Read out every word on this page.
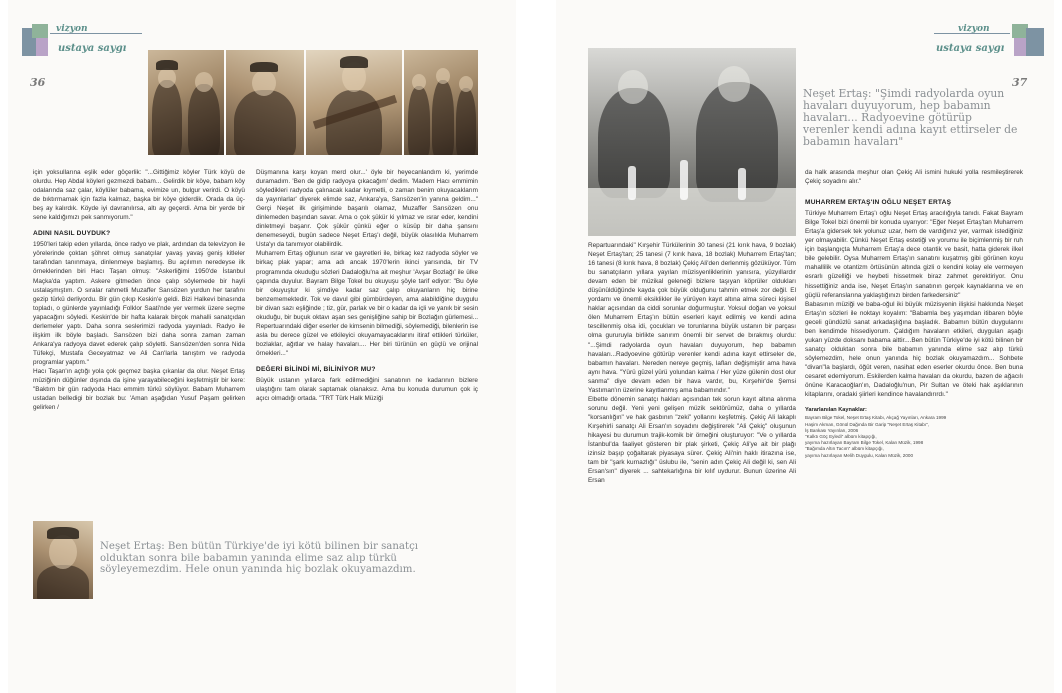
vizyon
ustaya saygı
36

için yoksullarına eşlik eder göçerlik: "...Gittiğimiz köyler Türk köyü de olurdu. Hep Abdal köyleri gezmezdi babam... Gelirdik bir köye, babam köy odalarında saz çalar, köylüler babama, evimize un, bulgur verirdi. O köyü de bıktırmamak için fazla kalmaz, başka bir köye giderdik. Orada da üç-beş ay kalırdık. Köyde iyi davranılırsa, altı ay geçerdi. Ama bir yerde bir sene kaldığımızı pek sanmıyorum."

ADINI NASIL DUYDUK?

1950'leri takip eden yıllarda, önce radyo ve plak, ardından da televizyon ile yörelerinde çoktan şöhret olmuş sanatçılar yavaş yavaş geniş kitleler tarafından tanınmaya, dinlenmeye başlamış. Bu açılımın neredeyse ilk örneklerinden biri Hacı Taşan olmuş: "Askerliğimi 1950'de İstanbul Maçka'da yaptım. Askere gitmeden önce çalıp söylemede bir hayli ustalaşmıştım. O sıralar rahmetli Muzaffer Sarısözen yurdun her tarafını gezip türkü derliyordu. Bir gün çıkıp Keskin'e geldi. Bizi Halkevi binasında topladı, o günlerde yayınladığı Folklor Saati'nde yer vermek üzere seçme yapacağını söyledi. Keskin'de bir hafta kalarak birçok mahalli sanatçıdan derlemeler yaptı. Daha sonra seslerimizi radyoda yayınladı. Radyo ile ilişkim ilk böyle başladı. Sarısözen bizi daha sonra zaman zaman Ankara'ya radyoya davet ederek çalıp söyletti. Sarısözen'den sonra Nida Tüfekçi, Mustafa Geceyatmaz ve Ali Can'larla tanıştım ve radyoda programlar yaptım."
Hacı Taşan'ın açtığı yola çok geçmez başka çıkanlar da olur. Neşet Ertaş müziğinin düğünler dışında da işine yarayabileceğini keşfetmiştir bir kere: "Baktım bir gün radyoda Hacı emmim türkü söylüyor. Babam Muharrem ustadan belledigi bir bozlak bu: 'Aman aşağıdan Yusuf Paşam gelirken gelirken /

Düşmanına karşı koyan merd olur...' öyle bir heyecanlandım ki, yerimde duramadım. 'Ben de gidip radyoya çıkacağım' dedim. 'Madem Hacı emmimin söyledikleri radyoda çalınacak kadar kıymetli, o zaman benim okuyacaklarım da yayınlarlar' diyerek elimde saz, Ankara'ya, Sarısözen'in yanına geldim..." Gerçi Neşet ilk girişiminde başarılı olamaz, Muzaffer Sarısözen onu dinlemeden başından savar. Ama o çok şükür ki yılmaz ve ısrar eder, kendini dinletmeyi başarır. Çok şükür çünkü eğer o küsüp bir daha şansını denemeseydi, bugün sadece Neşet Ertaş'ı değil, büyük olasılıkla Muharrem Usta'yı da tanımıyor olabilirdik.
Muharrem Ertaş oğlunun ısrar ve gayretleri ile, birkaç kez radyoda söyler ve birkaç plak yapar; ama adı ancak 1970'lerin ikinci yarısında, bir TV programında okuduğu sözleri Dadaloğlu'na ait meşhur 'Avşar Bozlağı' ile ülke çapında duyulur. Bayram Bilge Tokel bu okuyuşu şöyle tarif ediyor: "Bu öyle bir okuyuştur ki şimdiye kadar saz çalıp okuyanların hiç birine benzememektedir. Tok ve davul gibi gümbürdeyen, ama alabildiğine duygulu bir divan sazı eşliğinde ; tiz, gür, parlak ve bir o kadar da içli ve yanık bir sesin okuduğu, bir buçuk oktavı aşan ses genişliğine sahip bir Bozlağın gürlemesi... Repertuarındaki diğer eserler de kimsenin bilmediği, söylemediği, bilenlerin ise asla bu derece güzel ve etkileyici okuyamayacaklarını itiraf ettikleri türküler, bozlaklar, ağıtlar ve halay havaları.... Her biri türünün en güçlü ve orijinal örnekleri..."

DEĞERİ BİLİNDİ Mİ, BİLİNİYOR MU?

Büyük ustanın yıllarca fark edilmediğini sanatının ne kadarının bizlere ulaştığını tam olarak saptamak olanaksız. Ama bu konuda durumun çok iç açıcı olmadığı ortada. "TRT Türk Halk Müziği

Neşet Ertaş: Ben bütün Türkiye'de iyi kötü bilinen bir sanatçı olduktan sonra bile babamın yanında elime saz alıp türkü söyleyemezdim. Hele onun yanında hiç bozlak okuyamazdım.
vizyon
ustaya saygı
37
Neşet Ertaş: "Şimdi radyolarda oyun havaları duyuyorum, hep babamın havaları... Radyoevine götürüp verenler kendi adına kayıt ettirseler de babamın havaları"

Repartuarındaki" Kırşehir Türkülerinin 30 tanesi (21 kırık hava, 9 bozlak) Neşet Ertaş'tan; 25 tanesi (7 kırık hava, 18 bozlak) Muharrem Ertaş'tan; 16 tanesi (8 kırık hava, 8 bozlak) Çekiç Ali'den derlenmiş gözüküyor. Tüm bu sanatçıların yıllara yayılan müzisyenliklerinin yanısıra, yüzyıllardır devam eden bir müzikal geleneği bizlere taşıyan köprüler oldukları düşünüldüğünde kayda çok büyük olduğunu tahmin etmek zor değil. El yordamı ve önemli eksiklikler ile yürüyen kayıt altına alma süreci kişisel haklar açısından da ciddi sorunlar doğurmuştur. Yoksul doğan ve yoksul ölen Muharrem Ertaş'ın bütün eserleri kayıt edilmiş ve kendi adına tescillenmiş olsa idi, çocukları ve torunlarına büyük ustanın bir parçası olma gururuyla birlikte sanırım önemli bir servet de bırakmış olurdu: "...Şimdi radyolarda oyun havaları duyuyorum, hep babamın havaları...Radyoevine götürüp verenler kendi adına kayıt ettirseler de, babamın havaları. Nereden nereye geçmiş, lafları değişmiştir ama hava aynı hava. "Yürü güzel yürü yolundan kalma / Her yüze gülenin dost olur sanma" diye devam eden bir hava vardır, bu, Kırşehir'de Şemsi Yastıman'ın üzerine kayıtlanmış ama babamındır."
Elbette dönemin sanatçı hakları açısından tek sorun kayıt altına alınma sorunu değil. Yeni yeni gelişen müzik sektörümüz, daha o yıllarda "korsanlığın" ve hak gasbının "zeki" yollarını keşfetmiş. Çekiç Ali lakaplı Kırşehirli sanatçı Ali Ersan'ın soyadını değiştirerek "Ali Çekiç" oluşunun hikayesi bu durumun trajik-komik bir örneğini oluşturuyor: "Ve o yıllarda İstanbul'da faaliyet gösteren bir plak şirketi, Çekiç Ali'ye ait bir plağı izinsiz başıp çoğaltarak piyasaya sürer. Çekiç Ali'nin haklı itirazına ise, tam bir "şark kurnazlığı" üslubu ile, "senin adın Çekiç Ali değil ki, sen Ali Ersan'sın" diyerek ... sahtekarlığına bir kılıf uydurur. Bunun üzerine Ali Ersan

da halk arasında meşhur olan Çekiç Ali ismini hukuki yolla resmileştirerek Çekiç soyadını alır."

MUHARREM ERTAŞ'IN OĞLU NEŞET ERTAŞ

Türkiye Muharrem Ertaş'ı oğlu Neşet Ertaş aracılığıyla tanıdı. Fakat Bayram Bilge Tokel bizi önemli bir konuda uyarıyor: "Eğer Neşet Ertaş'tan Muharrem Ertaş'a gidersek tek yolunuz uzar, hem de vardığınız yer, varmak istediğiniz yer olmayabilir. Çünkü Neşet Ertaş estetiği ve yorumu ile biçimlenmiş bir ruh için başlangıçta Muharrem Ertaş'a dece otantik ve basit, hatta giderek ilkel bile gelebilir. Oysa Muharrem Ertaş'ın sanatını kuşatmış gibi görünen koyu mahallilik ve otantizm örtüsünün altında gizli o kendini kolay ele vermeyen esrarlı güzelliği ve heybeti hissetmek biraz zahmet gerektiriyor. Onu hissettiğiniz anda ise, Neşet Ertaş'ın sanatının gerçek kaynaklarına ve en güçlü referanslarına yaklaştığınızı birden farkedersiniz"
Babasının müziği ve baba-oğul iki büyük müzisyenin ilişkisi hakkında Neşet Ertaş'ın sözleri ile noktayı koyalım: "Babamla beş yaşımdan itibaren böyle geceli gündüzlü sanat arkadaşlığına başladık. Babamın bütün duygularını ben kendimde hissediyorum. Çaldığım havaların etkileri, duyguları aşağı yukarı yüzde doksanı babama aittir....Ben bütün Türkiye'de iyi kötü bilinen bir sanatçı olduktan sonra bile babamın yanında elime saz alıp türkü söylemezdim, hele onun yanında hiç bozlak okuyamazdım... Sohbete "divan"la başlardı, öğüt veren, nasihat eden eserler okurdu önce. Ben buna cesaret edemiyorum. Eskilerden kalma havaları da okurdu, bazen de ağacılı önüne Karacaoğlan'ın, Dadaloğlu'nun, Pir Sultan ve öteki hak aşıklarının kitaplarını, oradaki şiirleri kendince havalandırırdı."

Yararlanılan Kaynaklar:
Bayram Bilge Tokel, Neşet Ertaş Kitabı, Akçağ Yayınları, Ankara 1999
Haşim Akman, Gönül Dağında Bir Garip "Neşet Ertaş Kitabı",
İş Bankası Yayınları, 2006
"Kalktı Göç Eyledi" albüm kitapçığı,
yayıma hazırlayan Bayram Bilge Tokel, Kalan Müzik, 1998
"Bağımda Altın Tacım" albüm kitapçığı,
yayıma hazırlayan Melih Duygulu, Kalan Müzik, 2000
